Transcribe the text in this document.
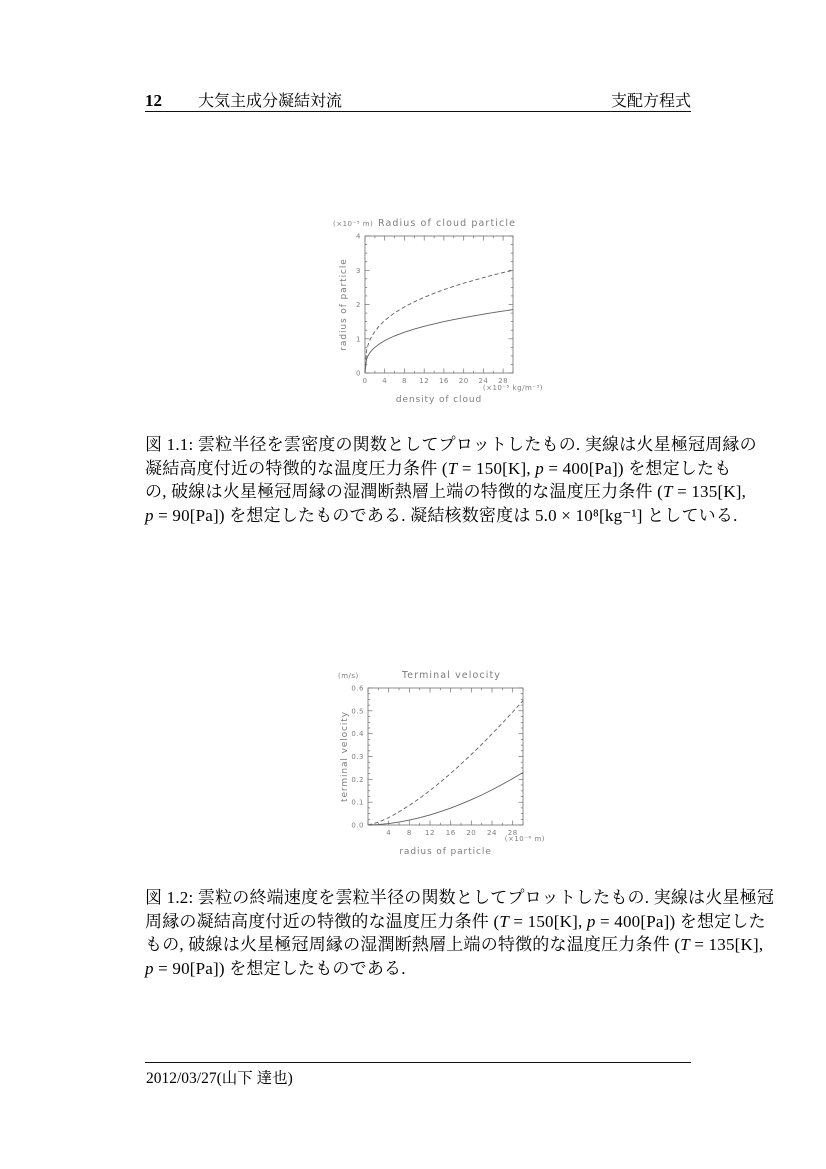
12 大気主成分凝結対流	支配方程式
0 4 8 12 16 20 24 28
0
1
2
3
4
Radius of cloud particle
(×10⁻⁵ m)
(×10⁻⁵ kg/m⁻³)
density of cloud
radius of particle
図 1.1: 雲粒半径を雲密度の関数としてプロットしたもの. 実線は火星極冠周縁の
凝結高度付近の特徴的な温度圧力条件 (T = 150[K], p = 400[Pa]) を想定したも
の, 破線は火星極冠周縁の湿潤断熱層上端の特徴的な温度圧力条件 (T = 135[K],
p = 90[Pa]) を想定したものである. 凝結核数密度は 5.0 × 10⁸[kg⁻¹] としている.
4 8 12 16 20 24 28
0.0
0.1
0.2
0.3
0.4
0.5
0.6
Terminal velocity
(m/s)
(×10⁻⁶ m)
radius of particle
terminal velocity
図 1.2: 雲粒の終端速度を雲粒半径の関数としてプロットしたもの. 実線は火星極冠
周縁の凝結高度付近の特徴的な温度圧力条件 (T = 150[K], p = 400[Pa]) を想定した
もの, 破線は火星極冠周縁の湿潤断熱層上端の特徴的な温度圧力条件 (T = 135[K],
p = 90[Pa]) を想定したものである.
2012/03/27(山下 達也)
